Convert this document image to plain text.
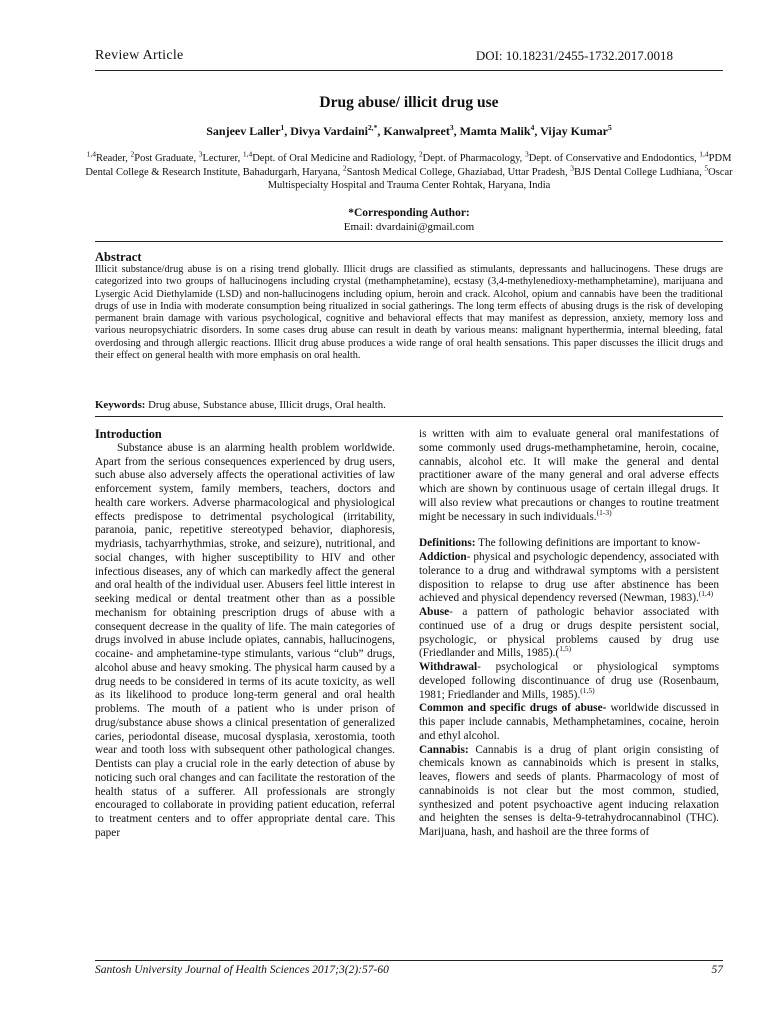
Review Article	DOI: 10.18231/2455-1732.2017.0018
Drug abuse/ illicit drug use
Sanjeev Laller$^1$, Divya Vardaini$^{2,*}$, Kanwalpreet$^3$, Mamta Malik$^4$, Vijay Kumar$^5$
$^{1,4}$Reader, $^2$Post Graduate, $^3$Lecturer, $^{1,4}$Dept. of Oral Medicine and Radiology, $^2$Dept. of Pharmacology, $^3$Dept. of Conservative and Endodontics, $^{1,4}$PDM Dental College & Research Institute, Bahadurgarh, Haryana, $^2$Santosh Medical College, Ghaziabad, Uttar Pradesh, $^3$BJS Dental College Ludhiana, $^5$Oscar Multispecialty Hospital and Trauma Center Rohtak, Haryana, India
*Corresponding Author:
Email: dvardaini@gmail.com
Abstract
Illicit substance/drug abuse is on a rising trend globally. Illicit drugs are classified as stimulants, depressants and hallucinogens. These drugs are categorized into two groups of hallucinogens including crystal (methamphetamine), ecstasy (3,4-methylenedioxy-methamphetamine), marijuana and Lysergic Acid Diethylamide (LSD) and non-hallucinogens including opium, heroin and crack. Alcohol, opium and cannabis have been the traditional drugs of use in India with moderate consumption being ritualized in social gatherings. The long term effects of abusing drugs is the risk of developing permanent brain damage with various psychological, cognitive and behavioral effects that may manifest as depression, anxiety, memory loss and various neuropsychiatric disorders. In some cases drug abuse can result in death by various means: malignant hyperthermia, internal bleeding, fatal overdosing and through allergic reactions. Illicit drug abuse produces a wide range of oral health sensations. This paper discusses the illicit drugs and their effect on general health with more emphasis on oral health.
Keywords: Drug abuse, Substance abuse, Illicit drugs, Oral health.

Introduction

Substance abuse is an alarming health problem worldwide. Apart from the serious consequences experienced by drug users, such abuse also adversely affects the operational activities of law enforcement system, family members, teachers, doctors and health care workers. Adverse pharmacological and physiological effects predispose to detrimental psychological (irritability, paranoia, panic, repetitive stereotyped behavior, diaphoresis, mydriasis, tachyarrhythmias, stroke, and seizure), nutritional, and social changes, with higher susceptibility to HIV and other infectious diseases, any of which can markedly affect the general and oral health of the individual user. Abusers feel little interest in seeking medical or dental treatment other than as a possible mechanism for obtaining prescription drugs of abuse with a consequent decrease in the quality of life. The main categories of drugs involved in abuse include opiates, cannabis, hallucinogens, cocaine- and amphetamine-type stimulants, various “club” drugs, alcohol abuse and heavy smoking. The physical harm caused by a drug needs to be considered in terms of its acute toxicity, as well as its likelihood to produce long-term general and oral health problems. The mouth of a patient who is under prison of drug/substance abuse shows a clinical presentation of generalized caries, periodontal disease, mucosal dysplasia, xerostomia, tooth wear and tooth loss with subsequent other pathological changes. Dentists can play a crucial role in the early detection of abuse by noticing such oral changes and can facilitate the restoration of the health status of a sufferer. All professionals are strongly encouraged to collaborate in providing patient education, referral to treatment centers and to offer appropriate dental care. This paper

is written with aim to evaluate general oral manifestations of some commonly used drugs-methamphetamine, heroin, cocaine, cannabis, alcohol etc. It will make the general and dental practitioner aware of the many general and oral adverse effects which are shown by continuous usage of certain illegal drugs. It will also review what precautions or changes to routine treatment might be necessary in such individuals.$^{(1-3)}$

Definitions: The following definitions are important to know-

Addiction- physical and psychologic dependency, associated with tolerance to a drug and withdrawal symptoms with a persistent disposition to relapse to drug use after abstinence has been achieved and physical dependency reversed (Newman, 1983).$^{(1,4)}$

Abuse- a pattern of pathologic behavior associated with continued use of a drug or drugs despite persistent social, psychologic, or physical problems caused by drug use (Friedlander and Mills, 1985).($^{1,5)}$

Withdrawal- psychological or physiological symptoms developed following discontinuance of drug use (Rosenbaum, 1981; Friedlander and Mills, 1985).$^{(1,5)}$

Common and specific drugs of abuse- worldwide discussed in this paper include cannabis, Methamphetamines, cocaine, heroin and ethyl alcohol.

Cannabis: Cannabis is a drug of plant origin consisting of chemicals known as cannabinoids which is present in stalks, leaves, flowers and seeds of plants. Pharmacology of most of cannabinoids is not clear but the most common, studied, synthesized and potent psychoactive agent inducing relaxation and heighten the senses is delta-9-tetrahydrocannabinol (THC). Marijuana, hash, and hashoil are the three forms of

Santosh University Journal of Health Sciences 2017;3(2):57-60	57
